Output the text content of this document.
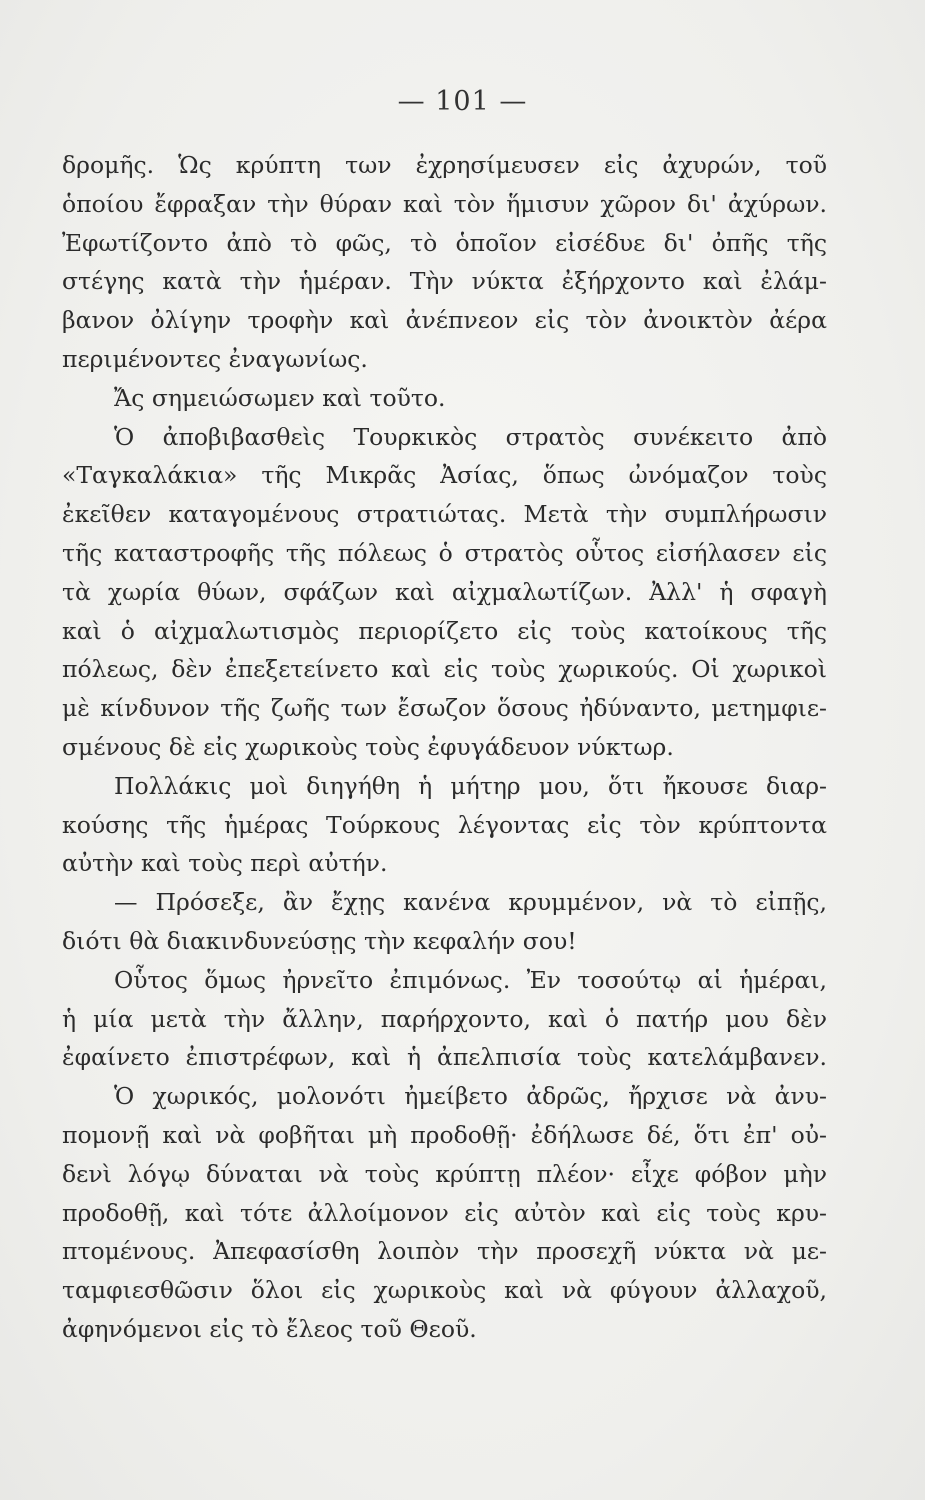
— 101 —
δρομῆς. Ὡς κρύπτη των ἐχρησίμευσεν εἰς ἀχυρών, τοῦ
ὁποίου ἔφραξαν τὴν θύραν καὶ τὸν ἥμισυν χῶρον δι' ἀχύρων.
Ἐφωτίζοντο ἀπὸ τὸ φῶς, τὸ ὁποῖον εἰσέδυε δι' ὀπῆς τῆς
στέγης κατὰ τὴν ἡμέραν. Τὴν νύκτα ἐξήρχοντο καὶ ἐλάμ-
βανον ὀλίγην τροφὴν καὶ ἀνέπνεον εἰς τὸν ἀνοικτὸν ἀέρα
περιμένοντες ἐναγωνίως.
Ἄς σημειώσωμεν καὶ τοῦτο.
Ὁ ἀποβιβασθεὶς Τουρκικὸς στρατὸς συνέκειτο ἀπὸ
«Ταγκαλάκια» τῆς Μικρᾶς Ἀσίας, ὅπως ὠνόμαζον τοὺς
ἐκεῖθεν καταγομένους στρατιώτας. Μετὰ τὴν συμπλήρωσιν
τῆς καταστροφῆς τῆς πόλεως ὁ στρατὸς οὗτος εἰσήλασεν εἰς
τὰ χωρία θύων, σφάζων καὶ αἰχμαλωτίζων. Ἀλλ' ἡ σφαγὴ
καὶ ὁ αἰχμαλωτισμὸς περιορίζετο εἰς τοὺς κατοίκους τῆς
πόλεως, δὲν ἐπεξετείνετο καὶ εἰς τοὺς χωρικούς. Οἱ χωρικοὶ
μὲ κίνδυνον τῆς ζωῆς των ἔσωζον ὅσους ἠδύναντο, μετημφιε-
σμένους δὲ εἰς χωρικοὺς τοὺς ἐφυγάδευον νύκτωρ.
Πολλάκις μοὶ διηγήθη ἡ μήτηρ μου, ὅτι ἤκουσε διαρ-
κούσης τῆς ἡμέρας Τούρκους λέγοντας εἰς τὸν κρύπτοντα
αὐτὴν καὶ τοὺς περὶ αὐτήν.
— Πρόσεξε, ἂν ἔχῃς κανένα κρυμμένον, νὰ τὸ εἰπῇς,
διότι θὰ διακινδυνεύσῃς τὴν κεφαλήν σου!
Οὗτος ὅμως ἠρνεῖτο ἐπιμόνως. Ἐν τοσούτῳ αἱ ἡμέραι,
ἡ μία μετὰ τὴν ἄλλην, παρήρχοντο, καὶ ὁ πατήρ μου δὲν
ἐφαίνετο ἐπιστρέφων, καὶ ἡ ἀπελπισία τοὺς κατελάμβανεν.
Ὁ χωρικός, μολονότι ἠμείβετο ἀδρῶς, ἤρχισε νὰ ἀνυ-
πομονῇ καὶ νὰ φοβῆται μὴ προδοθῇ· ἐδήλωσε δέ, ὅτι ἐπ' οὐ-
δενὶ λόγῳ δύναται νὰ τοὺς κρύπτῃ πλέον· εἶχε φόβον μὴν
προδοθῇ, καὶ τότε ἀλλοίμονον εἰς αὐτὸν καὶ εἰς τοὺς κρυ-
πτομένους. Ἀπεφασίσθη λοιπὸν τὴν προσεχῆ νύκτα νὰ με-
ταμφιεσθῶσιν ὅλοι εἰς χωρικοὺς καὶ νὰ φύγουν ἀλλαχοῦ,
ἀφηνόμενοι εἰς τὸ ἔλεος τοῦ Θεοῦ.
